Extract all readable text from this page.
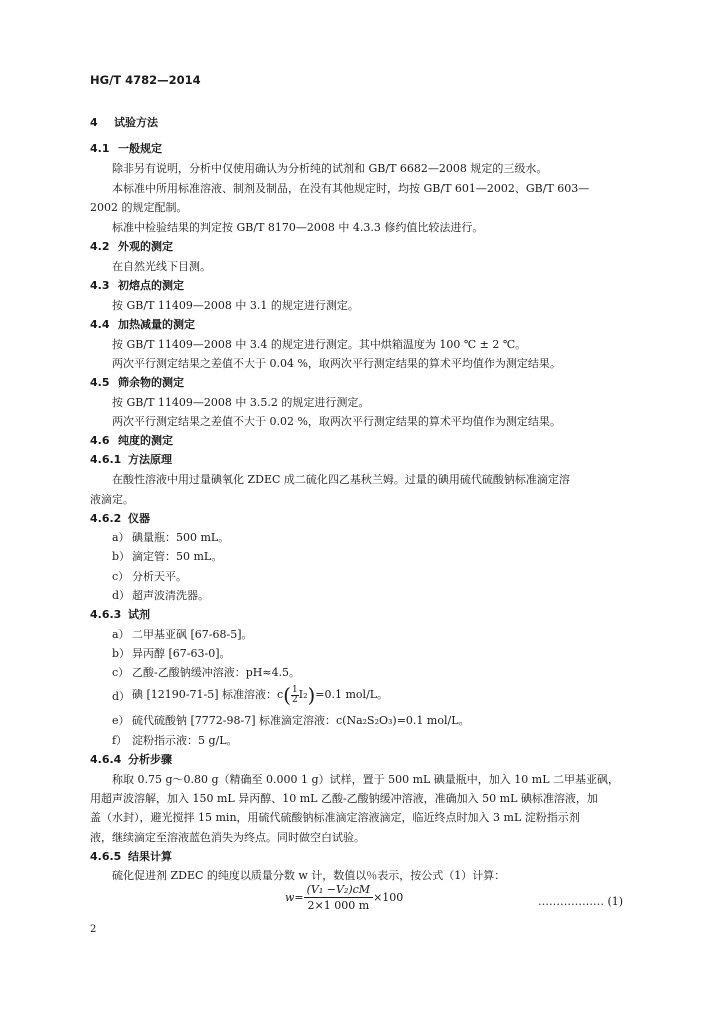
HG/T 4782—2014
4 试验方法
4.1 一般规定
除非另有说明，分析中仅使用确认为分析纯的试剂和 GB/T 6682—2008 规定的三级水。
本标准中所用标准溶液、制剂及制品，在没有其他规定时，均按 GB/T 601—2002、GB/T 603—
2002 的规定配制。
标准中检验结果的判定按 GB/T 8170—2008 中 4.3.3 修约值比较法进行。
4.2 外观的测定
在自然光线下目测。
4.3 初熔点的测定
按 GB/T 11409—2008 中 3.1 的规定进行测定。
4.4 加热减量的测定
按 GB/T 11409—2008 中 3.4 的规定进行测定。其中烘箱温度为 100 ℃ ± 2 ℃。
两次平行测定结果之差值不大于 0.04 %，取两次平行测定结果的算术平均值作为测定结果。
4.5 筛余物的测定
按 GB/T 11409—2008 中 3.5.2 的规定进行测定。
两次平行测定结果之差值不大于 0.02 %，取两次平行测定结果的算术平均值作为测定结果。
4.6 纯度的测定
4.6.1 方法原理
在酸性溶液中用过量碘氧化 ZDEC 成二硫化四乙基秋兰姆。过量的碘用硫代硫酸钠标准滴定溶
液滴定。
4.6.2 仪器
a） 碘量瓶：500 mL。
b） 滴定管：50 mL。
c） 分析天平。
d） 超声波清洗器。
4.6.3 试剂
a） 二甲基亚砜 [67-68-5]。
b） 异丙醇 [67-63-0]。
c） 乙酸-乙酸钠缓冲溶液：pH≈4.5。
d） 碘 [12190-71-5] 标准溶液：$c( \frac{1}{2} I_2)=0.1$ mol/L。
e） 硫代硫酸钠 [7772-98-7] 标准滴定溶液：c(Na₂S₂O₃)=0.1 mol/L。
f） 淀粉指示液：5 g/L。
4.6.4 分析步骤
称取 0.75 g～0.80 g（精确至 0.000 1 g）试样，置于 500 mL 碘量瓶中，加入 10 mL 二甲基亚砜，
用超声波溶解，加入 150 mL 异丙醇、10 mL 乙酸-乙酸钠缓冲溶液，准确加入 50 mL 碘标准溶液，加
盖（水封），避光搅拌 15 min，用硫代硫酸钠标准滴定溶液滴定，临近终点时加入 3 mL 淀粉指示剂
液，继续滴定至溶液蓝色消失为终点。同时做空白试验。
4.6.5 结果计算
硫化促进剂 ZDEC 的纯度以质量分数 w 计，数值以％表示，按公式（1）计算：
$w= \frac{\text{(V₁ −V₂)cM}}{2\times 1 000 m} \times 100$	……………… (1)
2
